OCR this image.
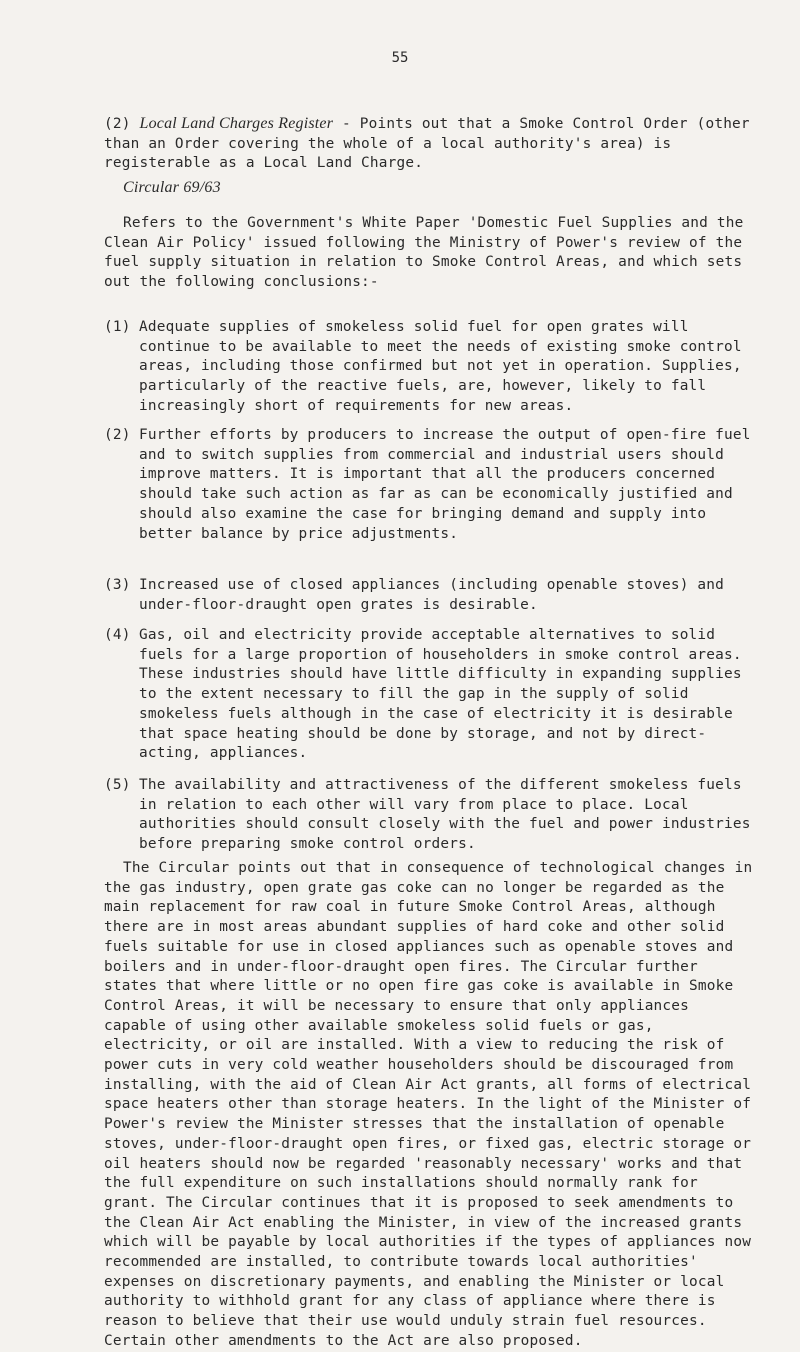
55
(2) Local Land Charges Register - Points out that a Smoke Control Order (other than an Order covering the whole of a local authority's area) is registerable as a Local Land Charge.
Circular 69/63
Refers to the Government's White Paper 'Domestic Fuel Supplies and the Clean Air Policy' issued following the Ministry of Power's review of the fuel supply situation in relation to Smoke Control Areas, and which sets out the following conclusions:-
(1) Adequate supplies of smokeless solid fuel for open grates will continue to be available to meet the needs of existing smoke control areas, including those confirmed but not yet in operation. Supplies, particularly of the reactive fuels, are, however, likely to fall increasingly short of requirements for new areas.
(2) Further efforts by producers to increase the output of open-fire fuel and to switch supplies from commercial and industrial users should improve matters. It is important that all the producers concerned should take such action as far as can be economically justified and should also examine the case for bringing demand and supply into better balance by price adjustments.
(3) Increased use of closed appliances (including openable stoves) and under-floor-draught open grates is desirable.
(4) Gas, oil and electricity provide acceptable alternatives to solid fuels for a large proportion of householders in smoke control areas. These industries should have little difficulty in expanding supplies to the extent necessary to fill the gap in the supply of solid smokeless fuels although in the case of electricity it is desirable that space heating should be done by storage, and not by direct-acting, appliances.
(5) The availability and attractiveness of the different smokeless fuels in relation to each other will vary from place to place. Local authorities should consult closely with the fuel and power industries before preparing smoke control orders.
The Circular points out that in consequence of technological changes in the gas industry, open grate gas coke can no longer be regarded as the main replacement for raw coal in future Smoke Control Areas, although there are in most areas abundant supplies of hard coke and other solid fuels suitable for use in closed appliances such as openable stoves and boilers and in under-floor-draught open fires. The Circular further states that where little or no open fire gas coke is available in Smoke Control Areas, it will be necessary to ensure that only appliances capable of using other available smokeless solid fuels or gas, electricity, or oil are installed. With a view to reducing the risk of power cuts in very cold weather householders should be discouraged from installing, with the aid of Clean Air Act grants, all forms of electrical space heaters other than storage heaters. In the light of the Minister of Power's review the Minister stresses that the installation of openable stoves, under-floor-draught open fires, or fixed gas, electric storage or oil heaters should now be regarded 'reasonably necessary' works and that the full expenditure on such installations should normally rank for grant. The Circular continues that it is proposed to seek amendments to the Clean Air Act enabling the Minister, in view of the increased grants which will be payable by local authorities if the types of appliances now recommended are installed, to contribute towards local authorities' expenses on discretionary payments, and enabling the Minister or local authority to withhold grant for any class of appliance where there is reason to believe that their use would unduly strain fuel resources. Certain other amendments to the Act are also proposed.
